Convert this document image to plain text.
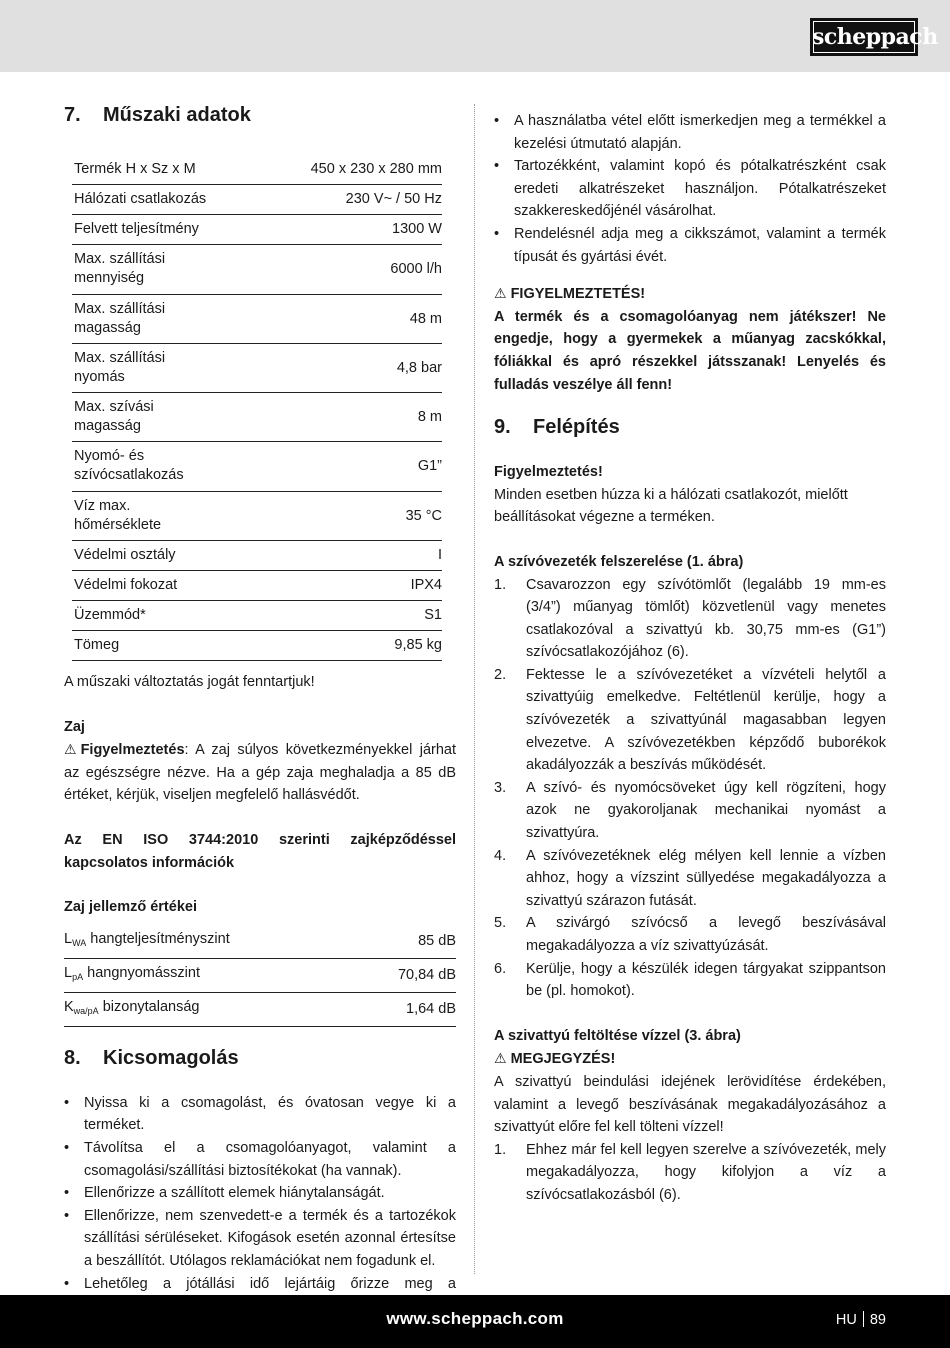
scheppach
7.	Műszaki adatok
Termék H x Sz x M	450 x 230 x 280 mm
Hálózati csatlakozás	230 V~ / 50 Hz
Felvett teljesítmény	1300 W
Max. szállítási mennyiség	6000 l/h
Max. szállítási magasság	48 m
Max. szállítási nyomás	4,8 bar
Max. szívási magasság	8 m
Nyomó- és szívócsatlakozás	G1”
Víz max. hőmérséklete	35 °C
Védelmi osztály	I
Védelmi fokozat	IPX4
Üzemmód*	S1
Tömeg	9,85 kg

A műszaki változtatás jogát fenntartjuk!

Zaj

⚠ Figyelmeztetés: A zaj súlyos következményekkel járhat az egészségre nézve. Ha a gép zaja meghaladja a 85 dB értéket, kérjük, viseljen megfelelő hallásvédőt.

Az EN ISO 3744:2010 szerinti zajképződéssel kapcsolatos információk

Zaj jellemző értékei

$L_{WA}$ hangteljesítményszint	85 dB
$L_{pA}$ hangnyomásszint	70,84 dB
$K_{wa/pA}$ bizonytalanság	1,64 dB
8.	Kicsomagolás
• Nyissa ki a csomagolást, és óvatosan vegye ki a terméket.
• Távolítsa el a csomagolóanyagot, valamint a csomagolási/szállítási biztosítékokat (ha vannak).
• Ellenőrizze a szállított elemek hiánytalanságát.
• Ellenőrizze, nem szenvedett-e a termék és a tartozékok szállítási sérüléseket. Kifogások esetén azonnal értesítse a beszállítót. Utólagos reklamációkat nem fogadunk el.
• Lehetőleg a jótállási idő lejártáig őrizze meg a
• A használatba vétel előtt ismerkedjen meg a termékkel a kezelési útmutató alapján.
• Tartozékként, valamint kopó és pótalkatrészként csak eredeti alkatrészeket használjon. Pótalkatrészeket szakkereskedőjénél vásárolhat.
• Rendelésnél adja meg a cikkszámot, valamint a termék típusát és gyártási évét.

⚠ FIGYELMEZTETÉS!

A termék és a csomagolóanyag nem játékszer! Ne engedje, hogy a gyermekek a műanyag zacskókkal, fóliákkal és apró részekkel játsszanak! Lenyelés és fulladás veszélye áll fenn!

9.	Felépítés

Figyelmeztetés!

Minden esetben húzza ki a hálózati csatlakozót, mielőtt beállításokat végezne a terméken.

A szívóvezeték felszerelése (1. ábra)

1. Csavarozzon egy szívótömlőt (legalább 19 mm-es (3/4”) műanyag tömlőt) közvetlenül vagy menetes csatlakozóval a szivattyú kb. 30,75 mm-es (G1”) szívócsatlakozójához (6).
2. Fektesse le a szívóvezetéket a vízvételi helytől a szivattyúig emelkedve. Feltétlenül kerülje, hogy a szívóvezeték a szivattyúnál magasabban legyen elvezetve. A szívóvezetékben képződő buborékok akadályozzák a beszívás működését.
3. A szívó- és nyomócsöveket úgy kell rögzíteni, hogy azok ne gyakoroljanak mechanikai nyomást a szivattyúra.
4. A szívóvezetéknek elég mélyen kell lennie a vízben ahhoz, hogy a vízszint süllyedése megakadályozza a szivattyú szárazon futását.
5. A szivárgó szívócső a levegő beszívásával megakadályozza a víz szivattyúzását.
6. Kerülje, hogy a készülék idegen tárgyakat szippantson be (pl. homokot).

A szivattyú feltöltése vízzel (3. ábra)

⚠ MEGJEGYZÉS!

A szivattyú beindulási idejének lerövidítése érdekében, valamint a levegő beszívásának megakadályozásához a szivattyút előre fel kell tölteni vízzel!

1. Ehhez már fel kell legyen szerelve a szívóvezeték, mely megakadályozza, hogy kifolyjon a víz a szívócsatlakozásból (6).
www.scheppach.com	HU 89
